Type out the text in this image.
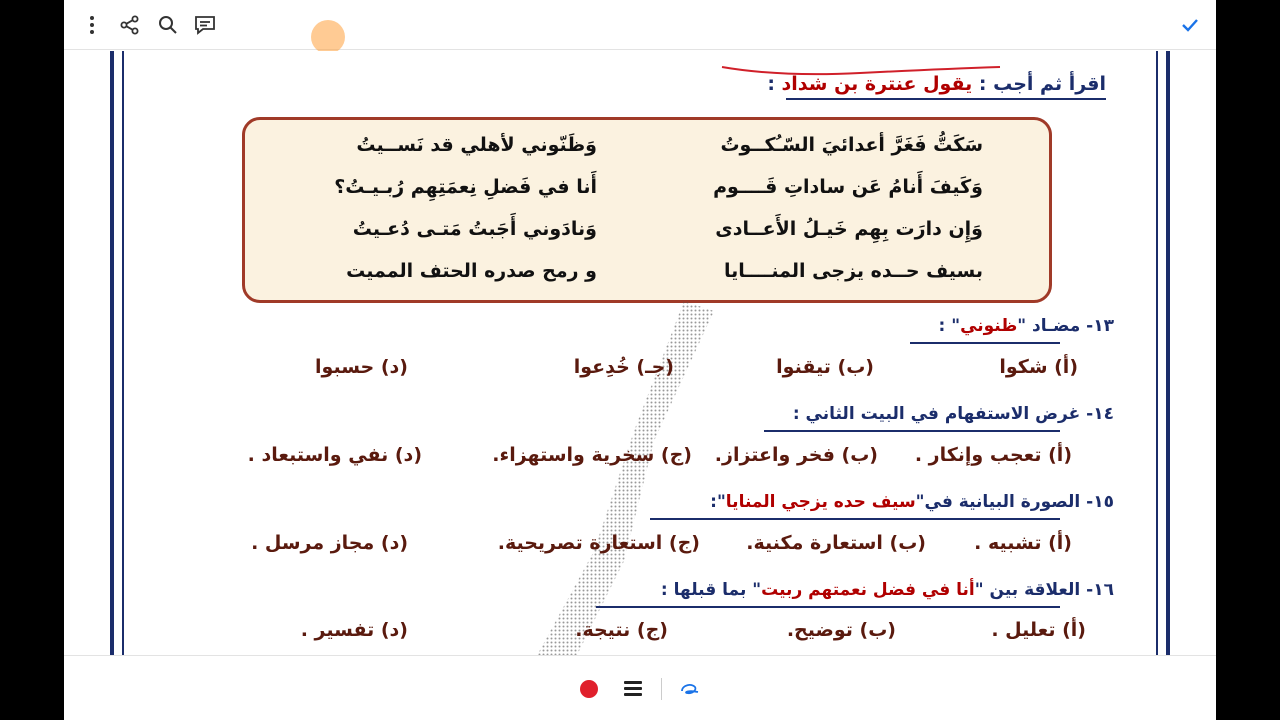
اقرأ ثم أجب : يقول عنترة بن شداد :
سَكَتُّ فَغَرَّ أعدائيَ السّـُكــوتُ
وَظَنّوني لأهلي قد نَســيتُ
وَكَيفَ أَنامُ عَن ساداتِ قَــــوم
أَنا في فَضلِ نِعمَتِهِم رُبـيـتُ؟
وَإِن دارَت بِهِم خَيـلُ الأَعــادى
وَنادَوني أَجَبتُ مَتـى دُعـيتُ
بسيف حــده يزجى المنــــايا
و رمح صدره الحتف المميت
١٣- مضـاد "ظنوني" :
(أ) شكوا
(ب) تيقنوا
(جـ) خُدِعوا
(د) حسبوا
١٤- غرض الاستفهام في البيت الثاني :
(أ) تعجب وإنكار .
(ب) فخر واعتزاز.
(ج) سخرية واستهزاء.
(د) نفي واستبعاد .
١٥- الصورة البيانية في"سيف حده يزجي المنايا":
(أ) تشبيه .
(ب) استعارة مكنية.
(ج) استعارة تصريحية.
(د) مجاز مرسل .
١٦- العلاقة بين "أنا في فضل نعمتهم ربيت" بما قبلها :
(أ) تعليل .
(ب) توضيح.
(ج) نتيجة.
(د) تفسير .
